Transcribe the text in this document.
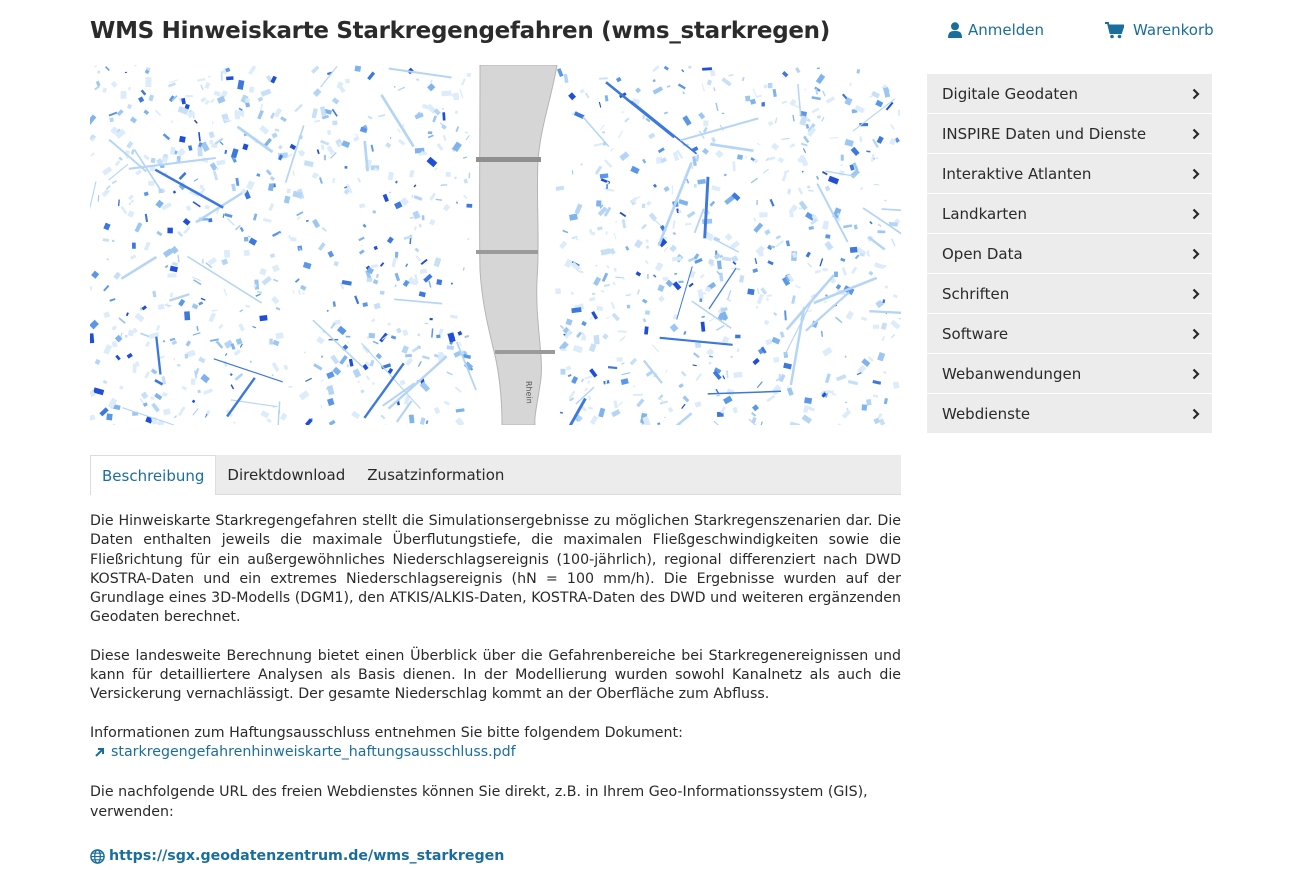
WMS Hinweiskarte Starkregengefahren (wms_starkregen)	Anmelden	Warenkorb
Rhein
Beschreibung	Direktdownload	Zusatzinformation

Die Hinweiskarte Starkregengefahren stellt die Simulationsergebnisse zu möglichen Starkregenszenarien dar. Die Daten enthalten jeweils die maximale Überflutungstiefe, die maximalen Fließgeschwindigkeiten sowie die Fließrichtung für ein außergewöhnliches Niederschlagsereignis (100-jährlich), regional differenziert nach DWD KOSTRA-Daten und ein extremes Niederschlagsereignis (hN = 100 mm/h). Die Ergebnisse wurden auf der Grundlage eines 3D-Modells (DGM1), den ATKIS/ALKIS-Daten, KOSTRA-Daten des DWD und weiteren ergänzenden Geodaten berechnet.

Diese landesweite Berechnung bietet einen Überblick über die Gefahrenbereiche bei Starkregenereignissen und kann für detailliertere Analysen als Basis dienen. In der Modellierung wurden sowohl Kanalnetz als auch die Versickerung vernachlässigt. Der gesamte Niederschlag kommt an der Oberfläche zum Abfluss.

Informationen zum Haftungsausschluss entnehmen Sie bitte folgendem Dokument:

starkregengefahrenhinweiskarte_haftungsausschluss.pdf

Die nachfolgende URL des freien Webdienstes können Sie direkt, z.B. in Ihrem Geo-Informationssystem (GIS), verwenden:

https://sgx.geodatenzentrum.de/wms_starkregen
Digitale Geodaten
INSPIRE Daten und Dienste
Interaktive Atlanten
Landkarten
Open Data
Schriften
Software
Webanwendungen
Webdienste
